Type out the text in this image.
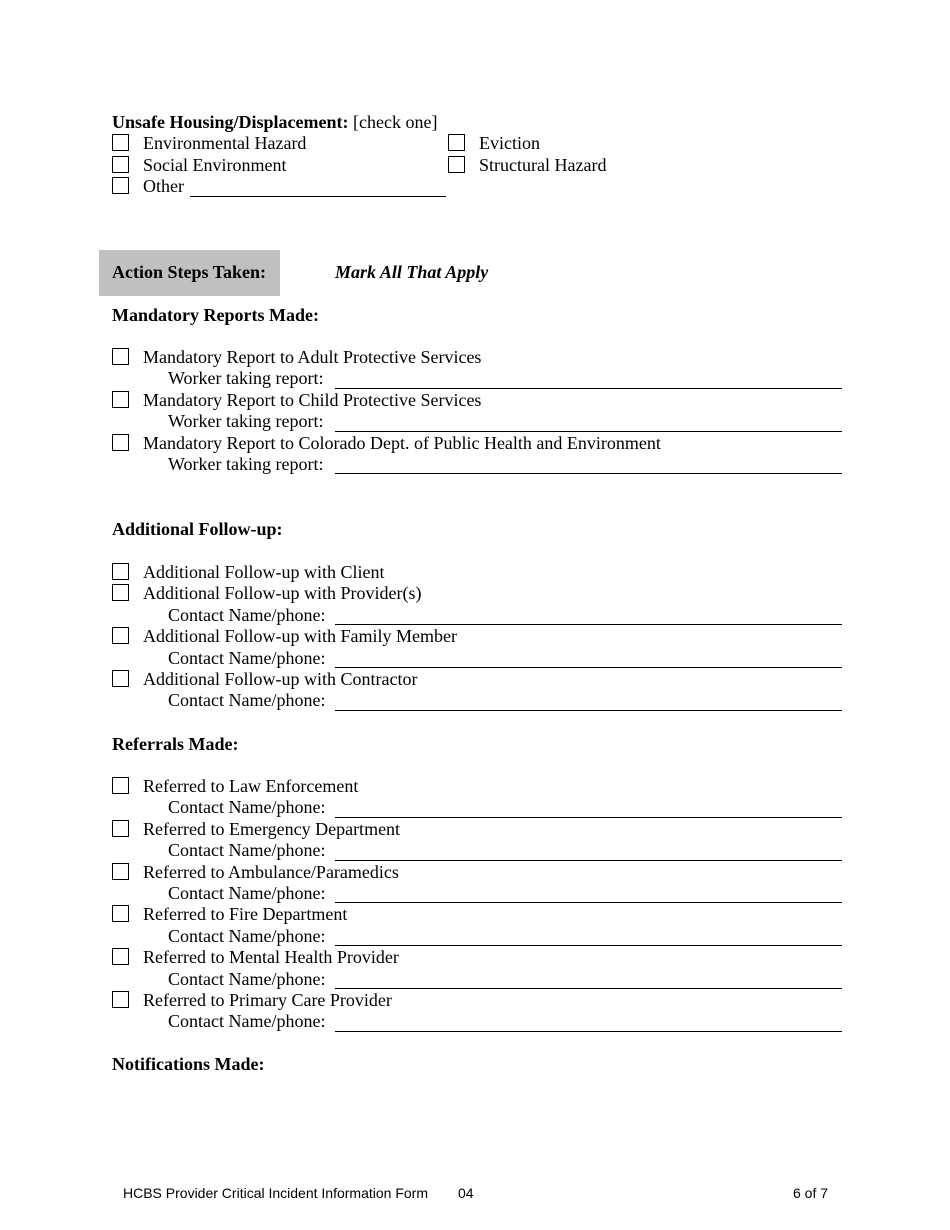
Unsafe Housing/Displacement: [check one]
Environmental Hazard	Eviction
Social Environment	Structural Hazard
Other
Action Steps Taken:	Mark All That Apply
Mandatory Reports Made:
Mandatory Report to Adult Protective Services
Worker taking report:
Mandatory Report to Child Protective Services
Worker taking report:
Mandatory Report to Colorado Dept. of Public Health and Environment
Worker taking report:
Additional Follow-up:
Additional Follow-up with Client
Additional Follow-up with Provider(s)
Contact Name/phone:
Additional Follow-up with Family Member
Contact Name/phone:
Additional Follow-up with Contractor
Contact Name/phone:
Referrals Made:
Referred to Law Enforcement
Contact Name/phone:
Referred to Emergency Department
Contact Name/phone:
Referred to Ambulance/Paramedics
Contact Name/phone:
Referred to Fire Department
Contact Name/phone:
Referred to Mental Health Provider
Contact Name/phone:
Referred to Primary Care Provider
Contact Name/phone:
Notifications Made:
HCBS Provider Critical Incident Information Form 04	6 of 7
